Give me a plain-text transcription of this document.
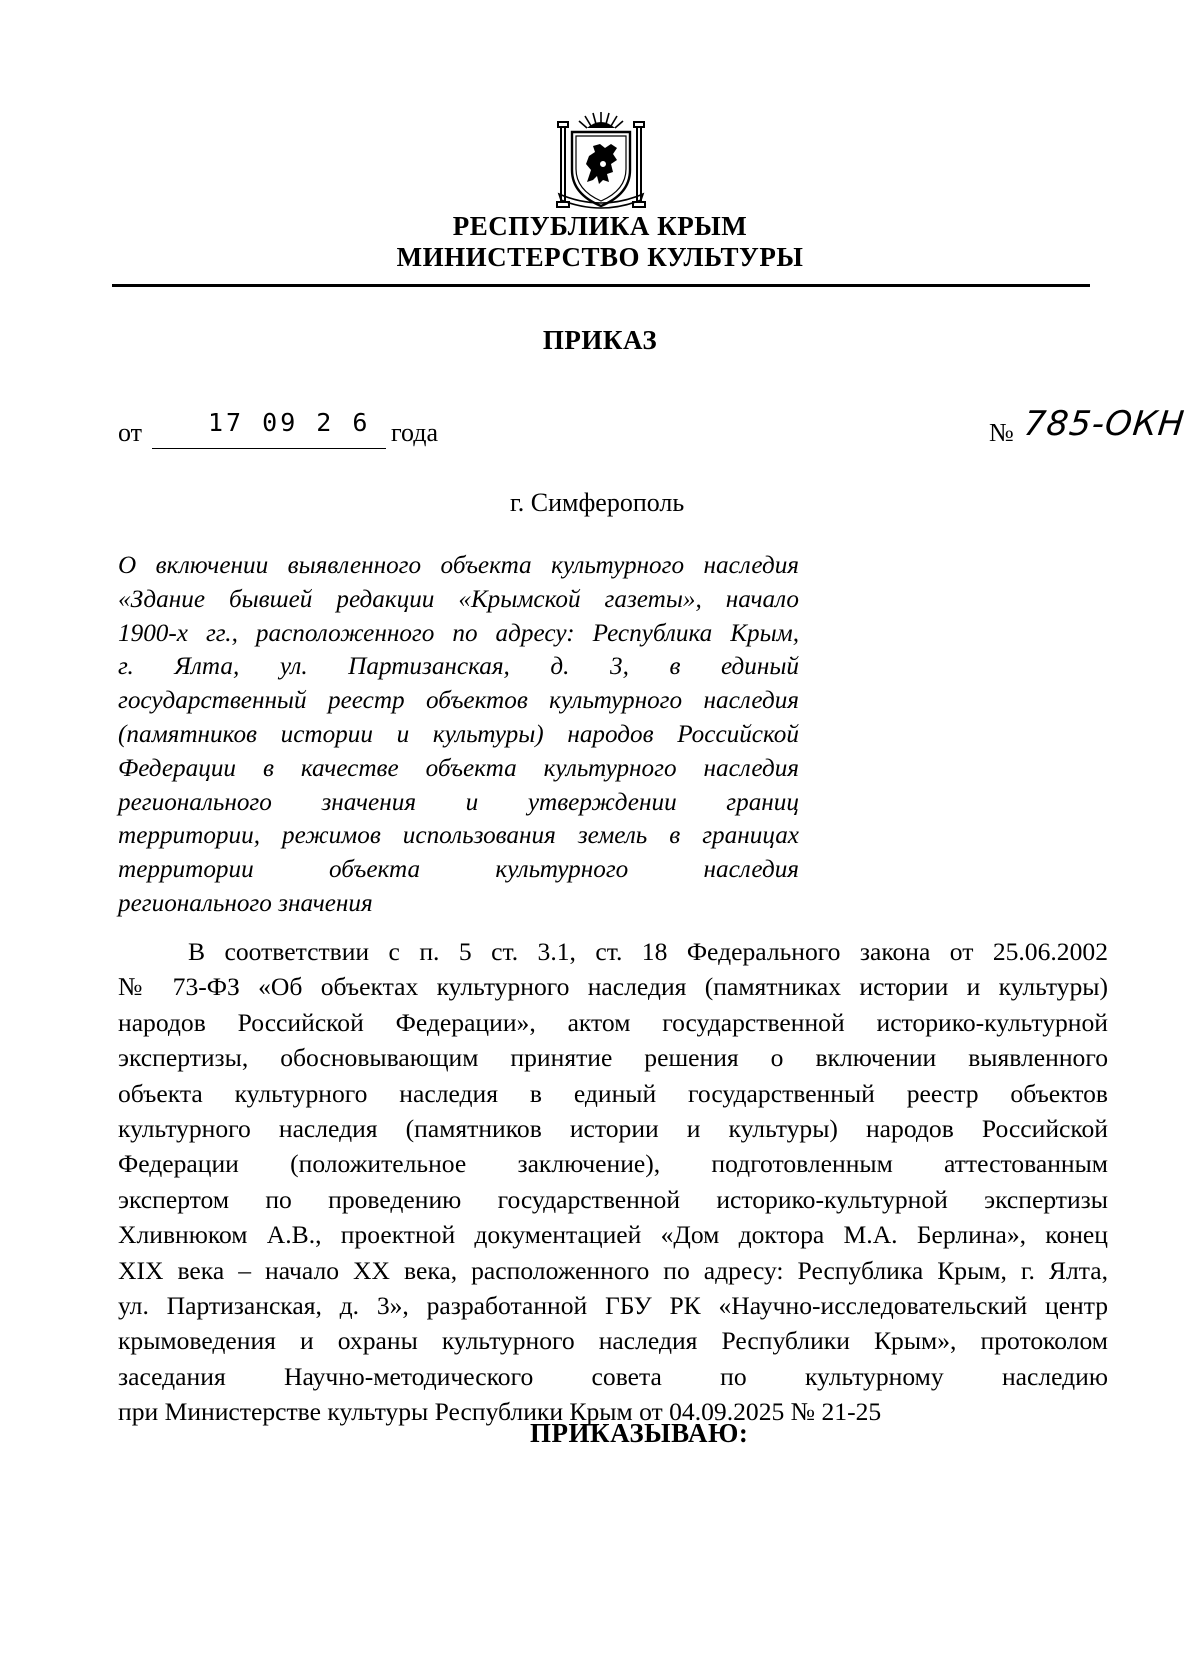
РЕСПУБЛИКА КРЫМ
МИНИСТЕРСТВО КУЛЬТУРЫ
ПРИКАЗ
от	17 09 2 6 года	№ 785-ОКН
г. Симферополь
О включении выявленного объекта культурного наследия
«Здание бывшей редакции «Крымской газеты», начало
1900-х гг., расположенного по адресу: Республика Крым,
г. Ялта, ул. Партизанская, д. 3, в единый
государственный реестр объектов культурного наследия
(памятников истории и культуры) народов Российской
Федерации в качестве объекта культурного наследия
регионального значения и утверждении границ
территории, режимов использования земель в границах
территории объекта культурного наследия
регионального значения
В соответствии с п. 5 ст. 3.1, ст. 18 Федерального закона от 25.06.2002
№ 73-ФЗ «Об объектах культурного наследия (памятниках истории и культуры)
народов Российской Федерации», актом государственной историко-культурной
экспертизы, обосновывающим принятие решения о включении выявленного
объекта культурного наследия в единый государственный реестр объектов
культурного наследия (памятников истории и культуры) народов Российской
Федерации (положительное заключение), подготовленным аттестованным
экспертом по проведению государственной историко-культурной экспертизы
Хливнюком А.В., проектной документацией «Дом доктора М.А. Берлина», конец
XIX века – начало XX века, расположенного по адресу: Республика Крым, г. Ялта,
ул. Партизанская, д. 3», разработанной ГБУ РК «Научно-исследовательский центр
крымоведения и охраны культурного наследия Республики Крым», протоколом
заседания Научно-методического совета по культурному наследию
при Министерстве культуры Республики Крым от 04.09.2025 № 21-25
ПРИКАЗЫВАЮ:
